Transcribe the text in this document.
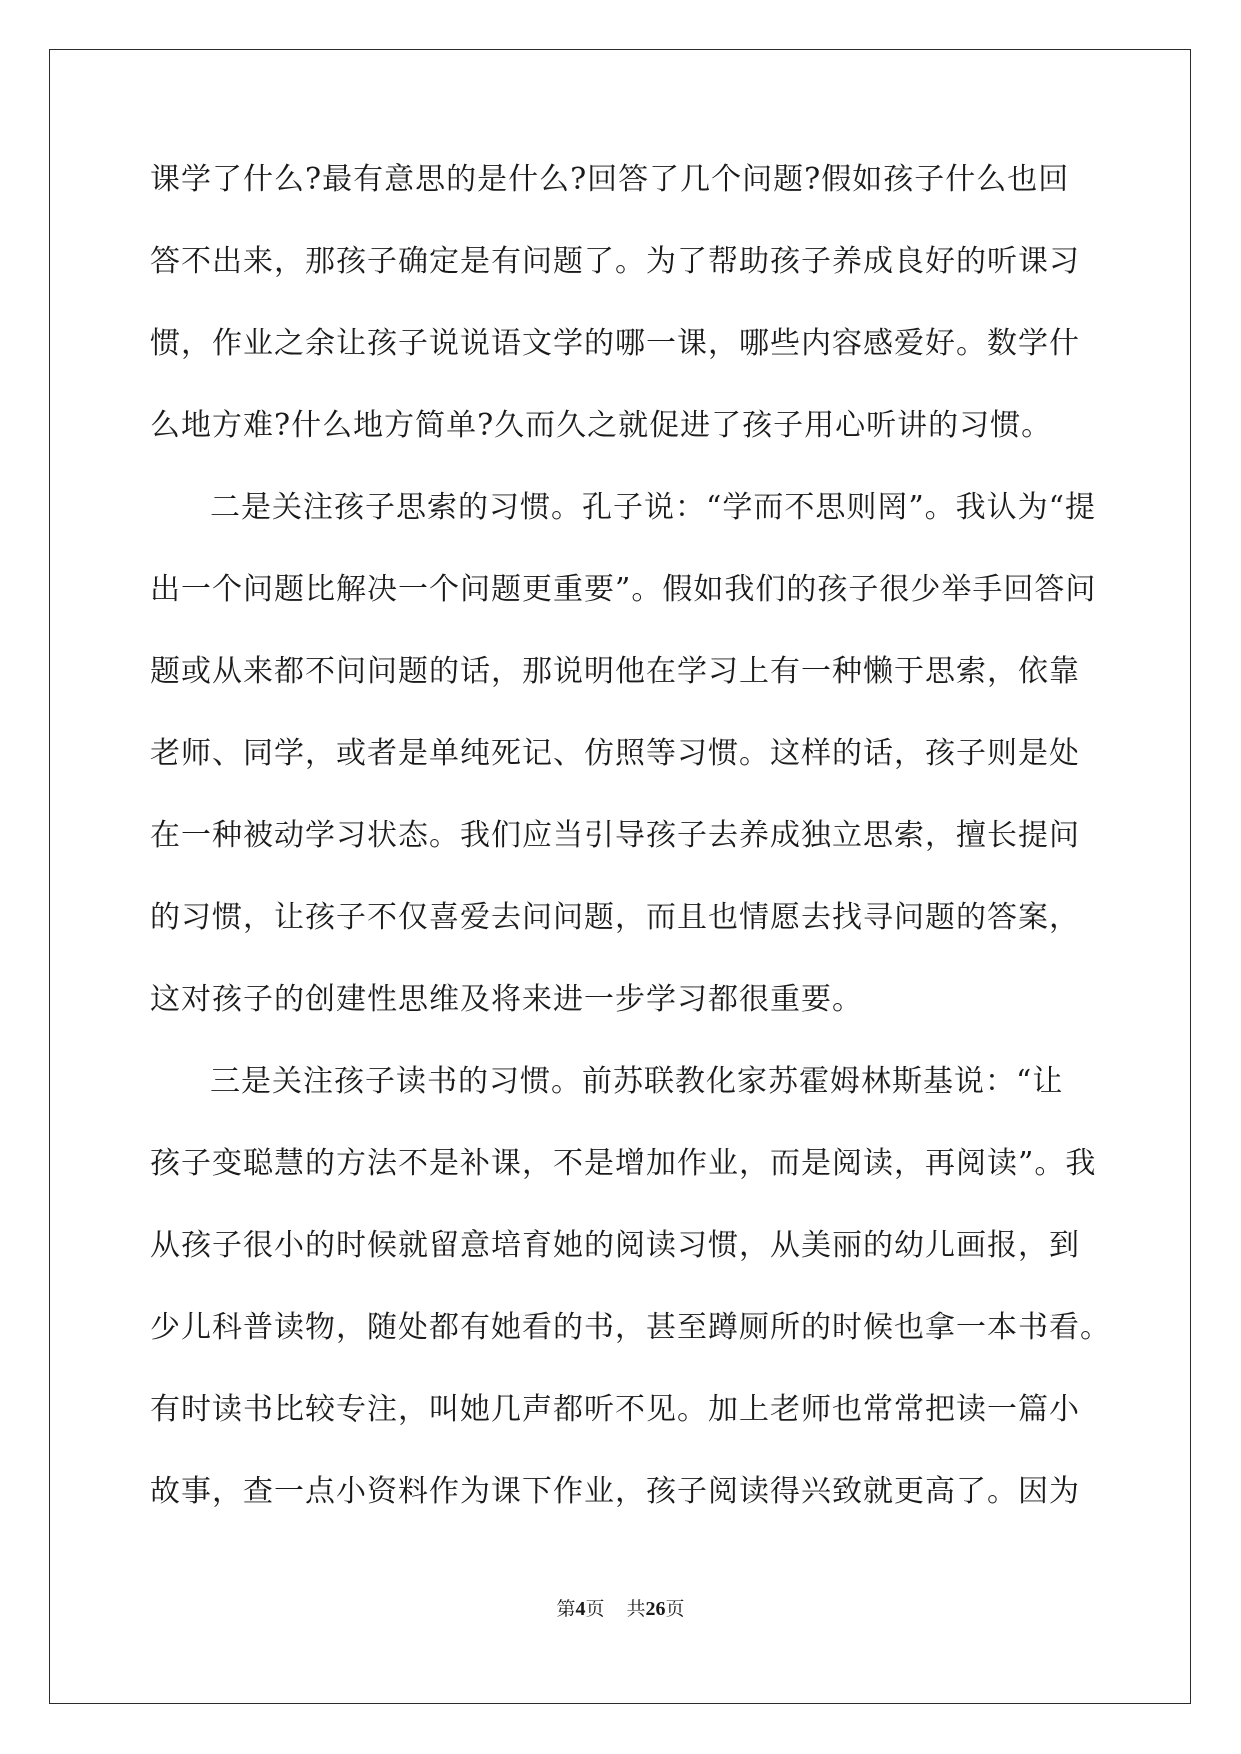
课学了什么?最有意思的是什么?回答了几个问题?假如孩子什么也回
答不出来，那孩子确定是有问题了。为了帮助孩子养成良好的听课习
惯，作业之余让孩子说说语文学的哪一课，哪些内容感爱好。数学什
么地方难?什么地方简单?久而久之就促进了孩子用心听讲的习惯。
二是关注孩子思索的习惯。孔子说：“学而不思则罔”。我认为“提
出一个问题比解决一个问题更重要”。假如我们的孩子很少举手回答问
题或从来都不问问题的话，那说明他在学习上有一种懒于思索，依靠
老师、同学，或者是单纯死记、仿照等习惯。这样的话，孩子则是处
在一种被动学习状态。我们应当引导孩子去养成独立思索，擅长提问
的习惯，让孩子不仅喜爱去问问题，而且也情愿去找寻问题的答案，
这对孩子的创建性思维及将来进一步学习都很重要。
三是关注孩子读书的习惯。前苏联教化家苏霍姆林斯基说：“让
孩子变聪慧的方法不是补课，不是增加作业，而是阅读，再阅读”。我
从孩子很小的时候就留意培育她的阅读习惯，从美丽的幼儿画报，到
少儿科普读物，随处都有她看的书，甚至蹲厕所的时候也拿一本书看。
有时读书比较专注，叫她几声都听不见。加上老师也常常把读一篇小
故事，查一点小资料作为课下作业，孩子阅读得兴致就更高了。因为
第4页 共26页
